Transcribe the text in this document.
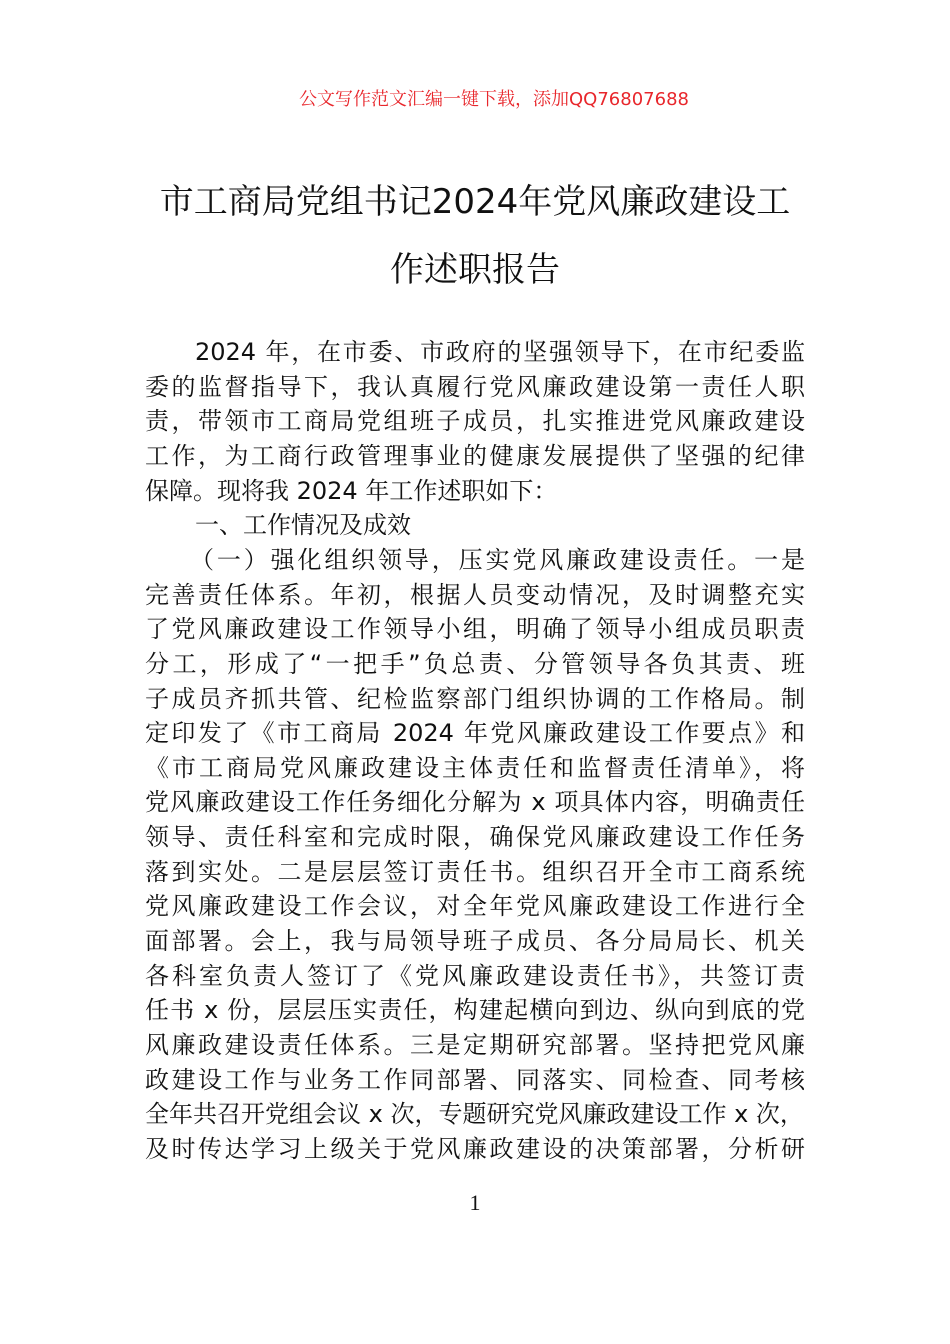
公文写作范文汇编一键下载，添加QQ76807688
市工商局党组书记2024年党风廉政建设工
作述职报告
2024 年，在市委、市政府的坚强领导下，在市纪委监
委的监督指导下，我认真履行党风廉政建设第一责任人职
责，带领市工商局党组班子成员，扎实推进党风廉政建设
工作，为工商行政管理事业的健康发展提供了坚强的纪律
保障。现将我 2024 年工作述职如下：
一、工作情况及成效
（一）强化组织领导，压实党风廉政建设责任。一是
完善责任体系。年初，根据人员变动情况，及时调整充实
了党风廉政建设工作领导小组，明确了领导小组成员职责
分工，形成了“一把手”负总责、分管领导各负其责、班
子成员齐抓共管、纪检监察部门组织协调的工作格局。制
定印发了《市工商局 2024 年党风廉政建设工作要点》和
《市工商局党风廉政建设主体责任和监督责任清单》，将
党风廉政建设工作任务细化分解为 x 项具体内容，明确责任
领导、责任科室和完成时限，确保党风廉政建设工作任务
落到实处。二是层层签订责任书。组织召开全市工商系统
党风廉政建设工作会议，对全年党风廉政建设工作进行全
面部署。会上，我与局领导班子成员、各分局局长、机关
各科室负责人签订了《党风廉政建设责任书》，共签订责
任书 x 份，层层压实责任，构建起横向到边、纵向到底的党
风廉政建设责任体系。三是定期研究部署。坚持把党风廉
政建设工作与业务工作同部署、同落实、同检查、同考核
全年共召开党组会议 x 次，专题研究党风廉政建设工作 x 次，
及时传达学习上级关于党风廉政建设的决策部署，分析研
1
